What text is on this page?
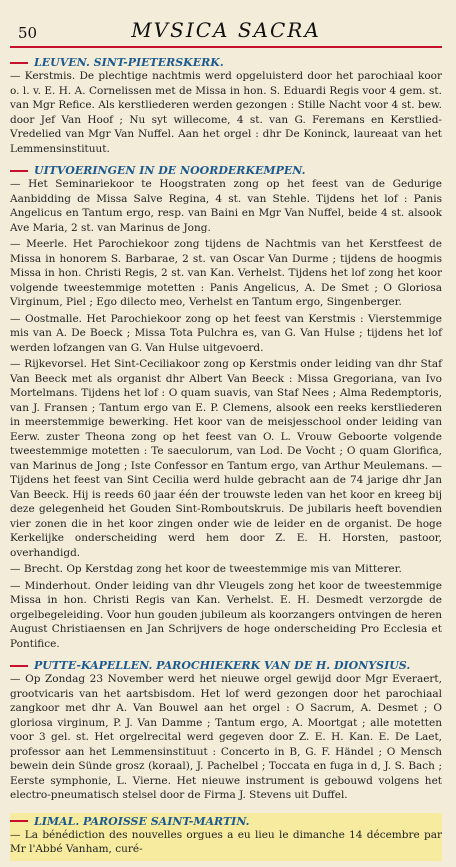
50	MVSICA SACRA
LEUVEN. SINT-PIETERSKERK.

— Kerstmis. De plechtige nachtmis werd opgeluisterd door het parochiaal koor o. l. v. E. H. A. Cornelissen met de Missa in hon. S. Eduardi Regis voor 4 gem. st. van Mgr Refice. Als kerstliederen werden gezongen : Stille Nacht voor 4 st. bew. door Jef Van Hoof ; Nu syt willecome, 4 st. van G. Feremans en Kerstlied-Vredelied van Mgr Van Nuffel. Aan het orgel : dhr De Koninck, laureaat van het Lemmensinstituut.

UITVOERINGEN IN DE NOORDERKEMPEN.

— Het Seminariekoor te Hoogstraten zong op het feest van de Gedurige Aanbidding de Missa Salve Regina, 4 st. van Stehle. Tijdens het lof : Panis Angelicus en Tantum ergo, resp. van Baini en Mgr Van Nuffel, beide 4 st. alsook Ave Maria, 2 st. van Marinus de Jong.

— Meerle. Het Parochiekoor zong tijdens de Nachtmis van het Kerstfeest de Missa in honorem S. Barbarae, 2 st. van Oscar Van Durme ; tijdens de hoogmis Missa in hon. Christi Regis, 2 st. van Kan. Verhelst. Tijdens het lof zong het koor volgende tweestemmige motetten : Panis Angelicus, A. De Smet ; O Gloriosa Virginum, Piel ; Ego dilecto meo, Verhelst en Tantum ergo, Singenberger.

— Oostmalle. Het Parochiekoor zong op het feest van Kerstmis : Vierstemmige mis van A. De Boeck ; Missa Tota Pulchra es, van G. Van Hulse ; tijdens het lof werden lofzangen van G. Van Hulse uitgevoerd.

— Rijkevorsel. Het Sint-Ceciliakoor zong op Kerstmis onder leiding van dhr Staf Van Beeck met als organist dhr Albert Van Beeck : Missa Gregoriana, van Ivo Mortelmans. Tijdens het lof : O quam suavis, van Staf Nees ; Alma Redemptoris, van J. Fransen ; Tantum ergo van E. P. Clemens, alsook een reeks kerstliederen in meerstemmige bewerking. Het koor van de meisjesschool onder leiding van Eerw. zuster Theona zong op het feest van O. L. Vrouw Geboorte volgende tweestemmige motetten : Te saeculorum, van Lod. De Vocht ; O quam Glorifica, van Marinus de Jong ; Iste Confessor en Tantum ergo, van Arthur Meulemans. — Tijdens het feest van Sint Cecilia werd hulde gebracht aan de 74 jarige dhr Jan Van Beeck. Hij is reeds 60 jaar één der trouwste leden van het koor en kreeg bij deze gelegenheid het Gouden Sint-Romboutskruis. De jubilaris heeft bovendien vier zonen die in het koor zingen onder wie de leider en de organist. De hoge Kerkelijke onderscheiding werd hem door Z. E. H. Horsten, pastoor, overhandigd.

— Brecht. Op Kerstdag zong het koor de tweestemmige mis van Mitterer.

— Minderhout. Onder leiding van dhr Vleugels zong het koor de tweestemmige Missa in hon. Christi Regis van Kan. Verhelst. E. H. Desmedt verzorgde de orgelbegeleiding. Voor hun gouden jubileum als koorzangers ontvingen de heren August Christiaensen en Jan Schrijvers de hoge onderscheiding Pro Ecclesia et Pontifice.

PUTTE-KAPELLEN. PAROCHIEKERK VAN DE H. DIONYSIUS.

— Op Zondag 23 November werd het nieuwe orgel gewijd door Mgr Everaert, grootvicaris van het aartsbisdom. Het lof werd gezongen door het parochiaal zangkoor met dhr A. Van Bouwel aan het orgel : O Sacrum, A. Desmet ; O gloriosa virginum, P. J. Van Damme ; Tantum ergo, A. Moortgat ; alle motetten voor 3 gel. st. Het orgelrecital werd gegeven door Z. E. H. Kan. E. De Laet, professor aan het Lemmensinstituut : Concerto in B, G. F. Händel ; O Mensch bewein dein Sünde grosz (koraal), J. Pachelbel ; Toccata en fuga in d, J. S. Bach ; Eerste symphonie, L. Vierne. Het nieuwe instrument is gebouwd volgens het electro-pneumatisch stelsel door de Firma J. Stevens uit Duffel.

LIMAL. PAROISSE SAINT-MARTIN.

— La bénédiction des nouvelles orgues a eu lieu le dimanche 14 décembre par Mr l'Abbé Vanham, curé-
